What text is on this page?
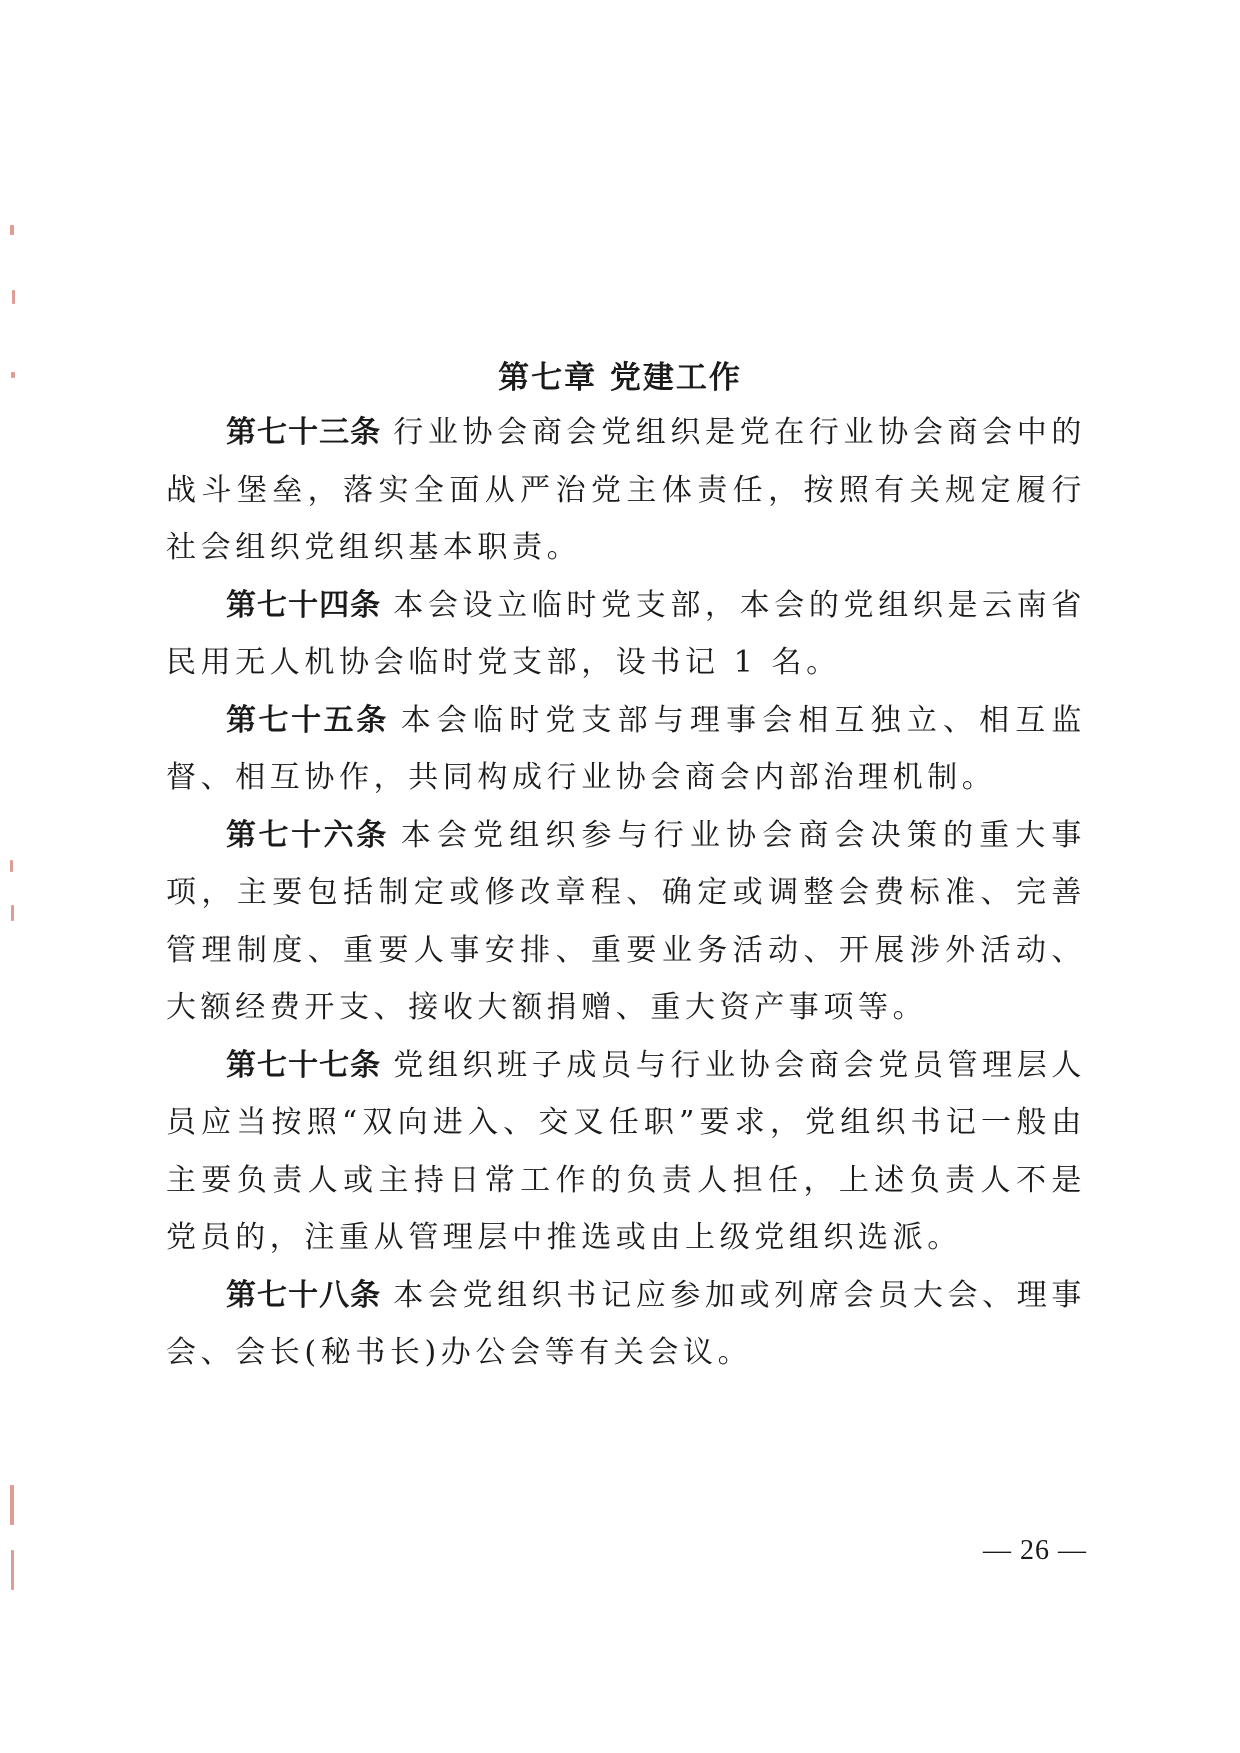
第七章 党建工作

第七十三条 行业协会商会党组织是党在行业协会商会中的战斗堡垒，落实全面从严治党主体责任，按照有关规定履行社会组织党组织基本职责。

第七十四条 本会设立临时党支部，本会的党组织是云南省民用无人机协会临时党支部，设书记 1 名。

第七十五条 本会临时党支部与理事会相互独立、相互监督、相互协作，共同构成行业协会商会内部治理机制。

第七十六条 本会党组织参与行业协会商会决策的重大事项，主要包括制定或修改章程、确定或调整会费标准、完善管理制度、重要人事安排、重要业务活动、开展涉外活动、大额经费开支、接收大额捐赠、重大资产事项等。

第七十七条 党组织班子成员与行业协会商会党员管理层人员应当按照“双向进入、交叉任职”要求，党组织书记一般由主要负责人或主持日常工作的负责人担任，上述负责人不是党员的，注重从管理层中推选或由上级党组织选派。

第七十八条 本会党组织书记应参加或列席会员大会、理事会、会长(秘书长)办公会等有关会议。

— 26 —
